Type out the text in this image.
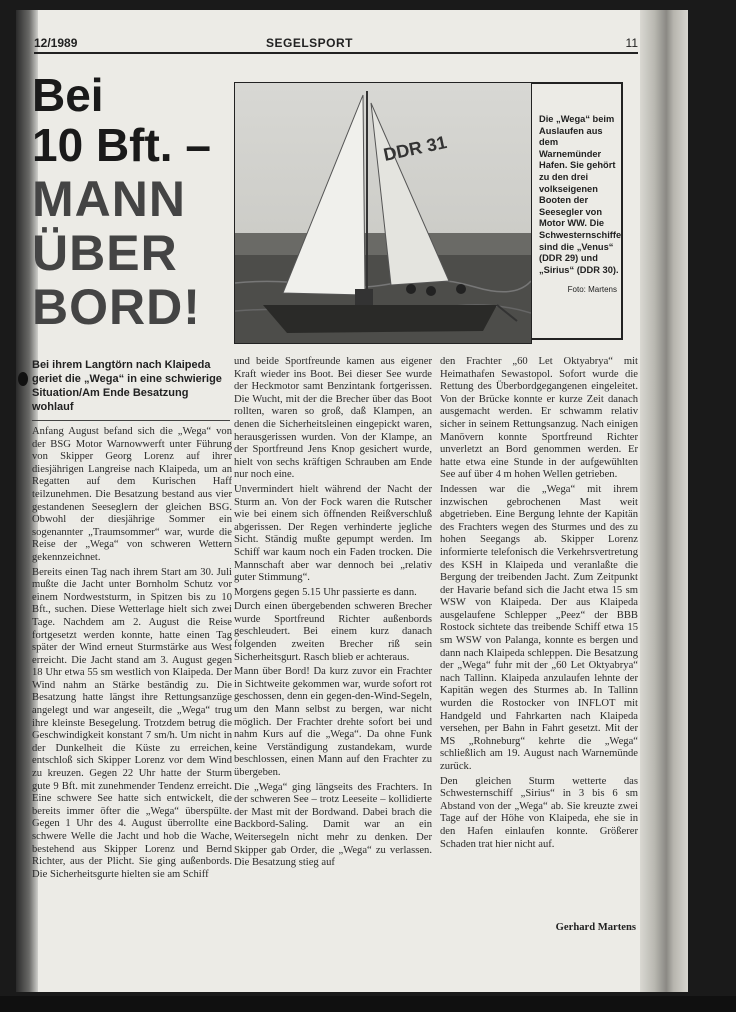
12/1989	SEGELSPORT	11
Bei
10 Bft. –
MANN
ÜBER
BORD!
DDR 31
Die „Wega“ beim Auslaufen aus dem Warnemünder Hafen. Sie gehört zu den drei volkseigenen Booten der Seesegler von Motor WW. Die Schwesternschiffe sind die „Venus“ (DDR 29) und „Sirius“ (DDR 30).
Foto: Martens
Bei ihrem Langtörn nach Klaipeda geriet die „Wega“ in eine schwierige Situation/Am Ende Besatzung wohlauf

Anfang August befand sich die „Wega“ von der BSG Motor Warnowwerft unter Führung von Skipper Georg Lorenz auf ihrer diesjährigen Langreise nach Klaipeda, um an Regatten auf dem Kurischen Haff teilzunehmen. Die Besatzung bestand aus vier gestandenen Seeseglern der gleichen BSG. Obwohl der diesjährige Sommer ein sogenannter „Traumsommer“ war, wurde die Reise der „Wega“ von schweren Wettern gekennzeichnet.

Bereits einen Tag nach ihrem Start am 30. Juli mußte die Jacht unter Bornholm Schutz vor einem Nordweststurm, in Spitzen bis zu 10 Bft., suchen. Diese Wetterlage hielt sich zwei Tage. Nachdem am 2. August die Reise fortgesetzt werden konnte, hatte einen Tag später der Wind erneut Sturmstärke aus West erreicht. Die Jacht stand am 3. August gegen 18 Uhr etwa 55 sm westlich von Klaipeda. Der Wind nahm an Stärke beständig zu. Die Besatzung hatte längst ihre Rettungsanzüge angelegt und war angeseilt, die „Wega“ trug ihre kleinste Besegelung. Trotzdem betrug die Geschwindigkeit konstant 7 sm/h. Um nicht in der Dunkelheit die Küste zu erreichen, entschloß sich Skipper Lorenz vor dem Wind zu kreuzen. Gegen 22 Uhr hatte der Sturm gute 9 Bft. mit zunehmender Tendenz erreicht. Eine schwere See hatte sich entwickelt, die bereits immer öfter die „Wega“ überspülte. Gegen 1 Uhr des 4. August überrollte eine schwere Welle die Jacht und hob die Wache, bestehend aus Skipper Lorenz und Bernd Richter, aus der Plicht. Sie ging außenbords. Die Sicherheitsgurte hielten sie am Schiff

und beide Sportfreunde kamen aus eigener Kraft wieder ins Boot. Bei dieser See wurde der Heckmotor samt Benzintank fortgerissen. Die Wucht, mit der die Brecher über das Boot rollten, waren so groß, daß Klampen, an denen die Sicherheitsleinen eingepickt waren, herausgerissen wurden. Von der Klampe, an der Sportfreund Jens Knop gesichert wurde, hielt von sechs kräftigen Schrauben am Ende nur noch eine.

Unvermindert hielt während der Nacht der Sturm an. Von der Fock waren die Rutscher wie bei einem sich öffnenden Reißverschluß abgerissen. Der Regen verhinderte jegliche Sicht. Ständig mußte gepumpt werden. Im Schiff war kaum noch ein Faden trocken. Die Mannschaft aber war dennoch bei „relativ guter Stimmung“.

Morgens gegen 5.15 Uhr passierte es dann.

Durch einen übergebenden schweren Brecher wurde Sportfreund Richter außenbords geschleudert. Bei einem kurz danach folgenden zweiten Brecher riß sein Sicherheitsgurt. Rasch blieb er achteraus.

Mann über Bord! Da kurz zuvor ein Frachter in Sichtweite gekommen war, wurde sofort rot geschossen, denn ein gegen-den-Wind-Segeln, um den Mann selbst zu bergen, war nicht möglich. Der Frachter drehte sofort bei und nahm Kurs auf die „Wega“. Da ohne Funk keine Verständigung zustandekam, wurde beschlossen, einen Mann auf den Frachter zu übergeben.

Die „Wega“ ging längseits des Frachters. In der schweren See – trotz Leeseite – kollidierte der Mast mit der Bordwand. Dabei brach die Backbord-Saling. Damit war an ein Weitersegeln nicht mehr zu denken. Der Skipper gab Order, die „Wega“ zu verlassen. Die Besatzung stieg auf

den Frachter „60 Let Oktyabrya“ mit Heimathafen Sewastopol. Sofort wurde die Rettung des Überbordgegangenen eingeleitet. Von der Brücke konnte er kurze Zeit danach ausgemacht werden. Er schwamm relativ sicher in seinem Rettungsanzug. Nach einigen Manövern konnte Sportfreund Richter unverletzt an Bord genommen werden. Er hatte etwa eine Stunde in der aufgewühlten See auf über 4 m hohen Wellen getrieben.

Indessen war die „Wega“ mit ihrem inzwischen gebrochenen Mast weit abgetrieben. Eine Bergung lehnte der Kapitän des Frachters wegen des Sturmes und des zu hohen Seegangs ab. Skipper Lorenz informierte telefonisch die Verkehrsvertretung des KSH in Klaipeda und veranlaßte die Bergung der treibenden Jacht. Zum Zeitpunkt der Havarie befand sich die Jacht etwa 15 sm WSW von Klaipeda. Der aus Klaipeda ausgelaufene Schlepper „Peez“ der BBB Rostock sichtete das treibende Schiff etwa 15 sm WSW von Palanga, konnte es bergen und dann nach Klaipeda schleppen. Die Besatzung der „Wega“ fuhr mit der „60 Let Oktyabrya“ nach Tallinn. Klaipeda anzulaufen lehnte der Kapitän wegen des Sturmes ab. In Tallinn wurden die Rostocker von INFLOT mit Handgeld und Fahrkarten nach Klaipeda versehen, per Bahn in Fahrt gesetzt. Mit der MS „Rohneburg“ kehrte die „Wega“ schließlich am 19. August nach Warnemünde zurück.

Den gleichen Sturm wetterte das Schwesternschiff „Sirius“ in 3 bis 6 sm Abstand von der „Wega“ ab. Sie kreuzte zwei Tage auf der Höhe von Klaipeda, ehe sie in den Hafen einlaufen konnte. Größerer Schaden trat hier nicht auf.

Gerhard Martens
